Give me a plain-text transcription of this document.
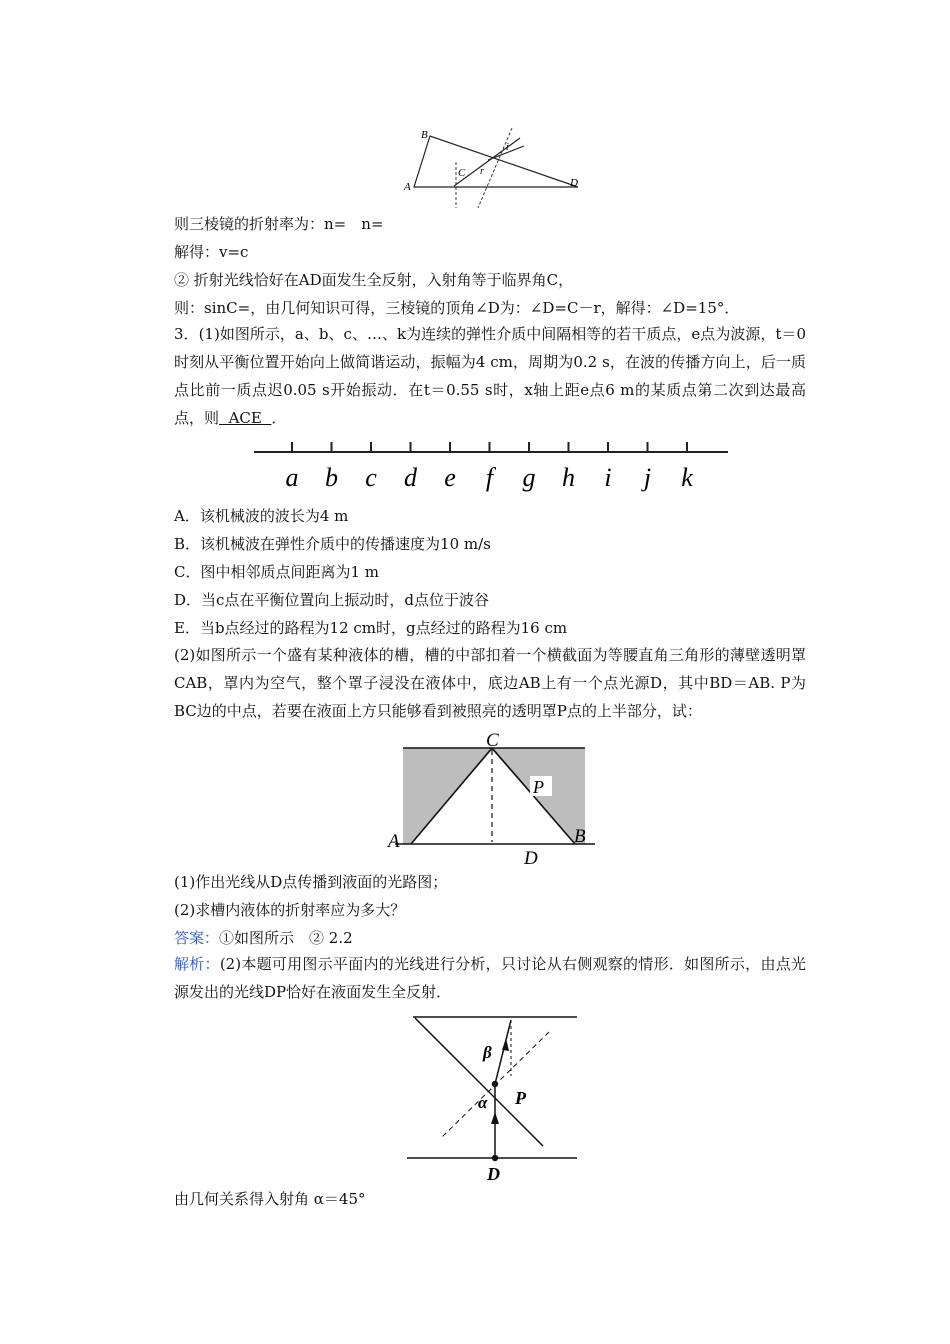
B
A
C
D
i
r
则三棱镜的折射率为：n=　n=
解得：v=c
② 折射光线恰好在AD面发生全反射，入射角等于临界角C，
则：sinC=，由几何知识可得，三棱镜的顶角∠D为：∠D=C－r，解得：∠D=15°．
3．(1)如图所示，a、b、c、…、k为连续的弹性介质中间隔相等的若干质点，e点为波源，t＝0时刻从平衡位置开始向上做简谐运动，振幅为4 cm，周期为0.2 s，在波的传播方向上，后一质点比前一质点迟0.05 s开始振动．在t＝0.55 s时，x轴上距e点6 m的某质点第二次到达最高点，则 ACE ．
a b c d e f g h i j k
A．该机械波的波长为4 m
B．该机械波在弹性介质中的传播速度为10 m/s
C．图中相邻质点间距离为1 m
D．当c点在平衡位置向上振动时，d点位于波谷
E．当b点经过的路程为12 cm时，g点经过的路程为16 cm
(2)如图所示一个盛有某种液体的槽，槽的中部扣着一个横截面为等腰直角三角形的薄壁透明罩CAB，罩内为空气，整个罩子浸没在液体中，底边AB上有一个点光源D，其中BD＝AB. P为BC边的中点，若要在液面上方只能够看到被照亮的透明罩P点的上半部分，试：
C
P
A	B
D
(1)作出光线从D点传播到液面的光路图；
(2)求槽内液体的折射率应为多大？
答案：①如图所示　② 2.2
解析：(2)本题可用图示平面内的光线进行分析，只讨论从右侧观察的情形．如图所示，由点光源发出的光线DP恰好在液面发生全反射．
β
α P
D
由几何关系得入射角 α＝45°
